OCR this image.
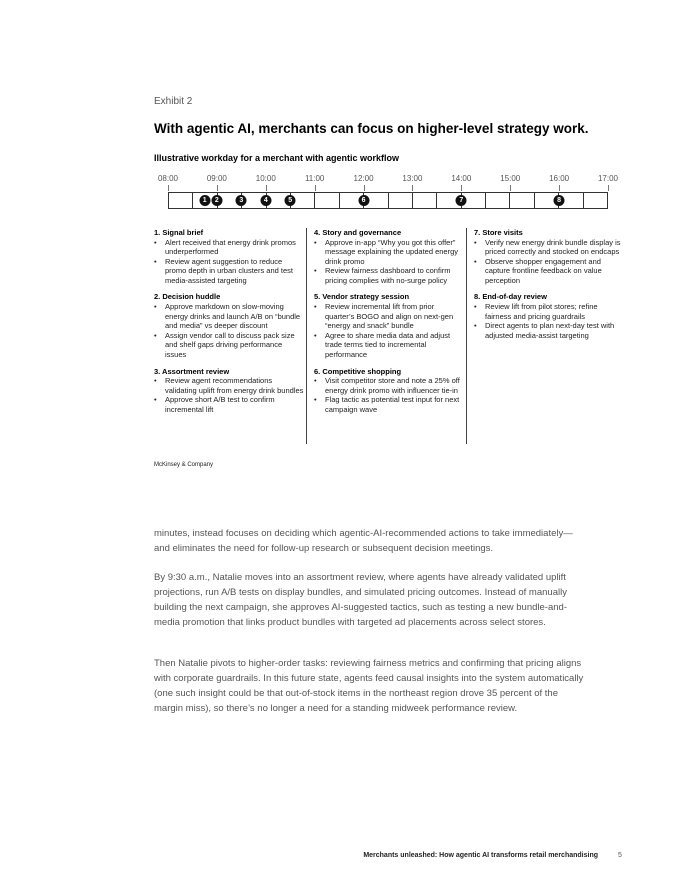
Exhibit 2
With agentic AI, merchants can focus on higher-level strategy work.
Illustrative workday for a merchant with agentic workflow
08:00	09:00	10:00	11:00	12:00	13:00	14:00	15:00	16:00	17:00
1	2	3	4	5	6	7	8
1. Signal brief
• Alert received that energy drink promos underperformed
• Review agent suggestion to reduce promo depth in urban clusters and test media-assisted targeting
2. Decision huddle
• Approve markdown on slow-moving energy drinks and launch A/B on “bundle and media” vs deeper discount
• Assign vendor call to discuss pack size and shelf gaps driving performance issues
3. Assortment review
• Review agent recommendations validating uplift from energy drink bundles
• Approve short A/B test to confirm incremental lift
4. Story and governance
• Approve in-app “Why you got this offer” message explaining the updated energy drink promo
• Review fairness dashboard to confirm pricing complies with no-surge policy
5. Vendor strategy session
• Review incremental lift from prior quarter’s BOGO and align on next-gen “energy and snack” bundle
• Agree to share media data and adjust trade terms tied to incremental performance
6. Competitive shopping
• Visit competitor store and note a 25% off energy drink promo with influencer tie-in
• Flag tactic as potential test input for next campaign wave
7. Store visits
• Verify new energy drink bundle display is priced correctly and stocked on endcaps
• Observe shopper engagement and capture frontline feedback on value perception
8. End-of-day review
• Review lift from pilot stores; refine fairness and pricing guardrails
• Direct agents to plan next-day test with adjusted media-assist targeting
McKinsey & Company

minutes, instead focuses on deciding which agentic-AI-recommended actions to take immediately—and eliminates the need for follow-up research or subsequent decision meetings.

By 9:30 a.m., Natalie moves into an assortment review, where agents have already validated uplift projections, run A/B tests on display bundles, and simulated pricing outcomes. Instead of manually building the next campaign, she approves AI-suggested tactics, such as testing a new bundle-and-media promotion that links product bundles with targeted ad placements across select stores.

Then Natalie pivots to higher-order tasks: reviewing fairness metrics and confirming that pricing aligns with corporate guardrails. In this future state, agents feed causal insights into the system automatically (one such insight could be that out-of-stock items in the northeast region drove 35 percent of the margin miss), so there’s no longer a need for a standing midweek performance review.

Merchants unleashed: How agentic AI transforms retail merchandising	5
